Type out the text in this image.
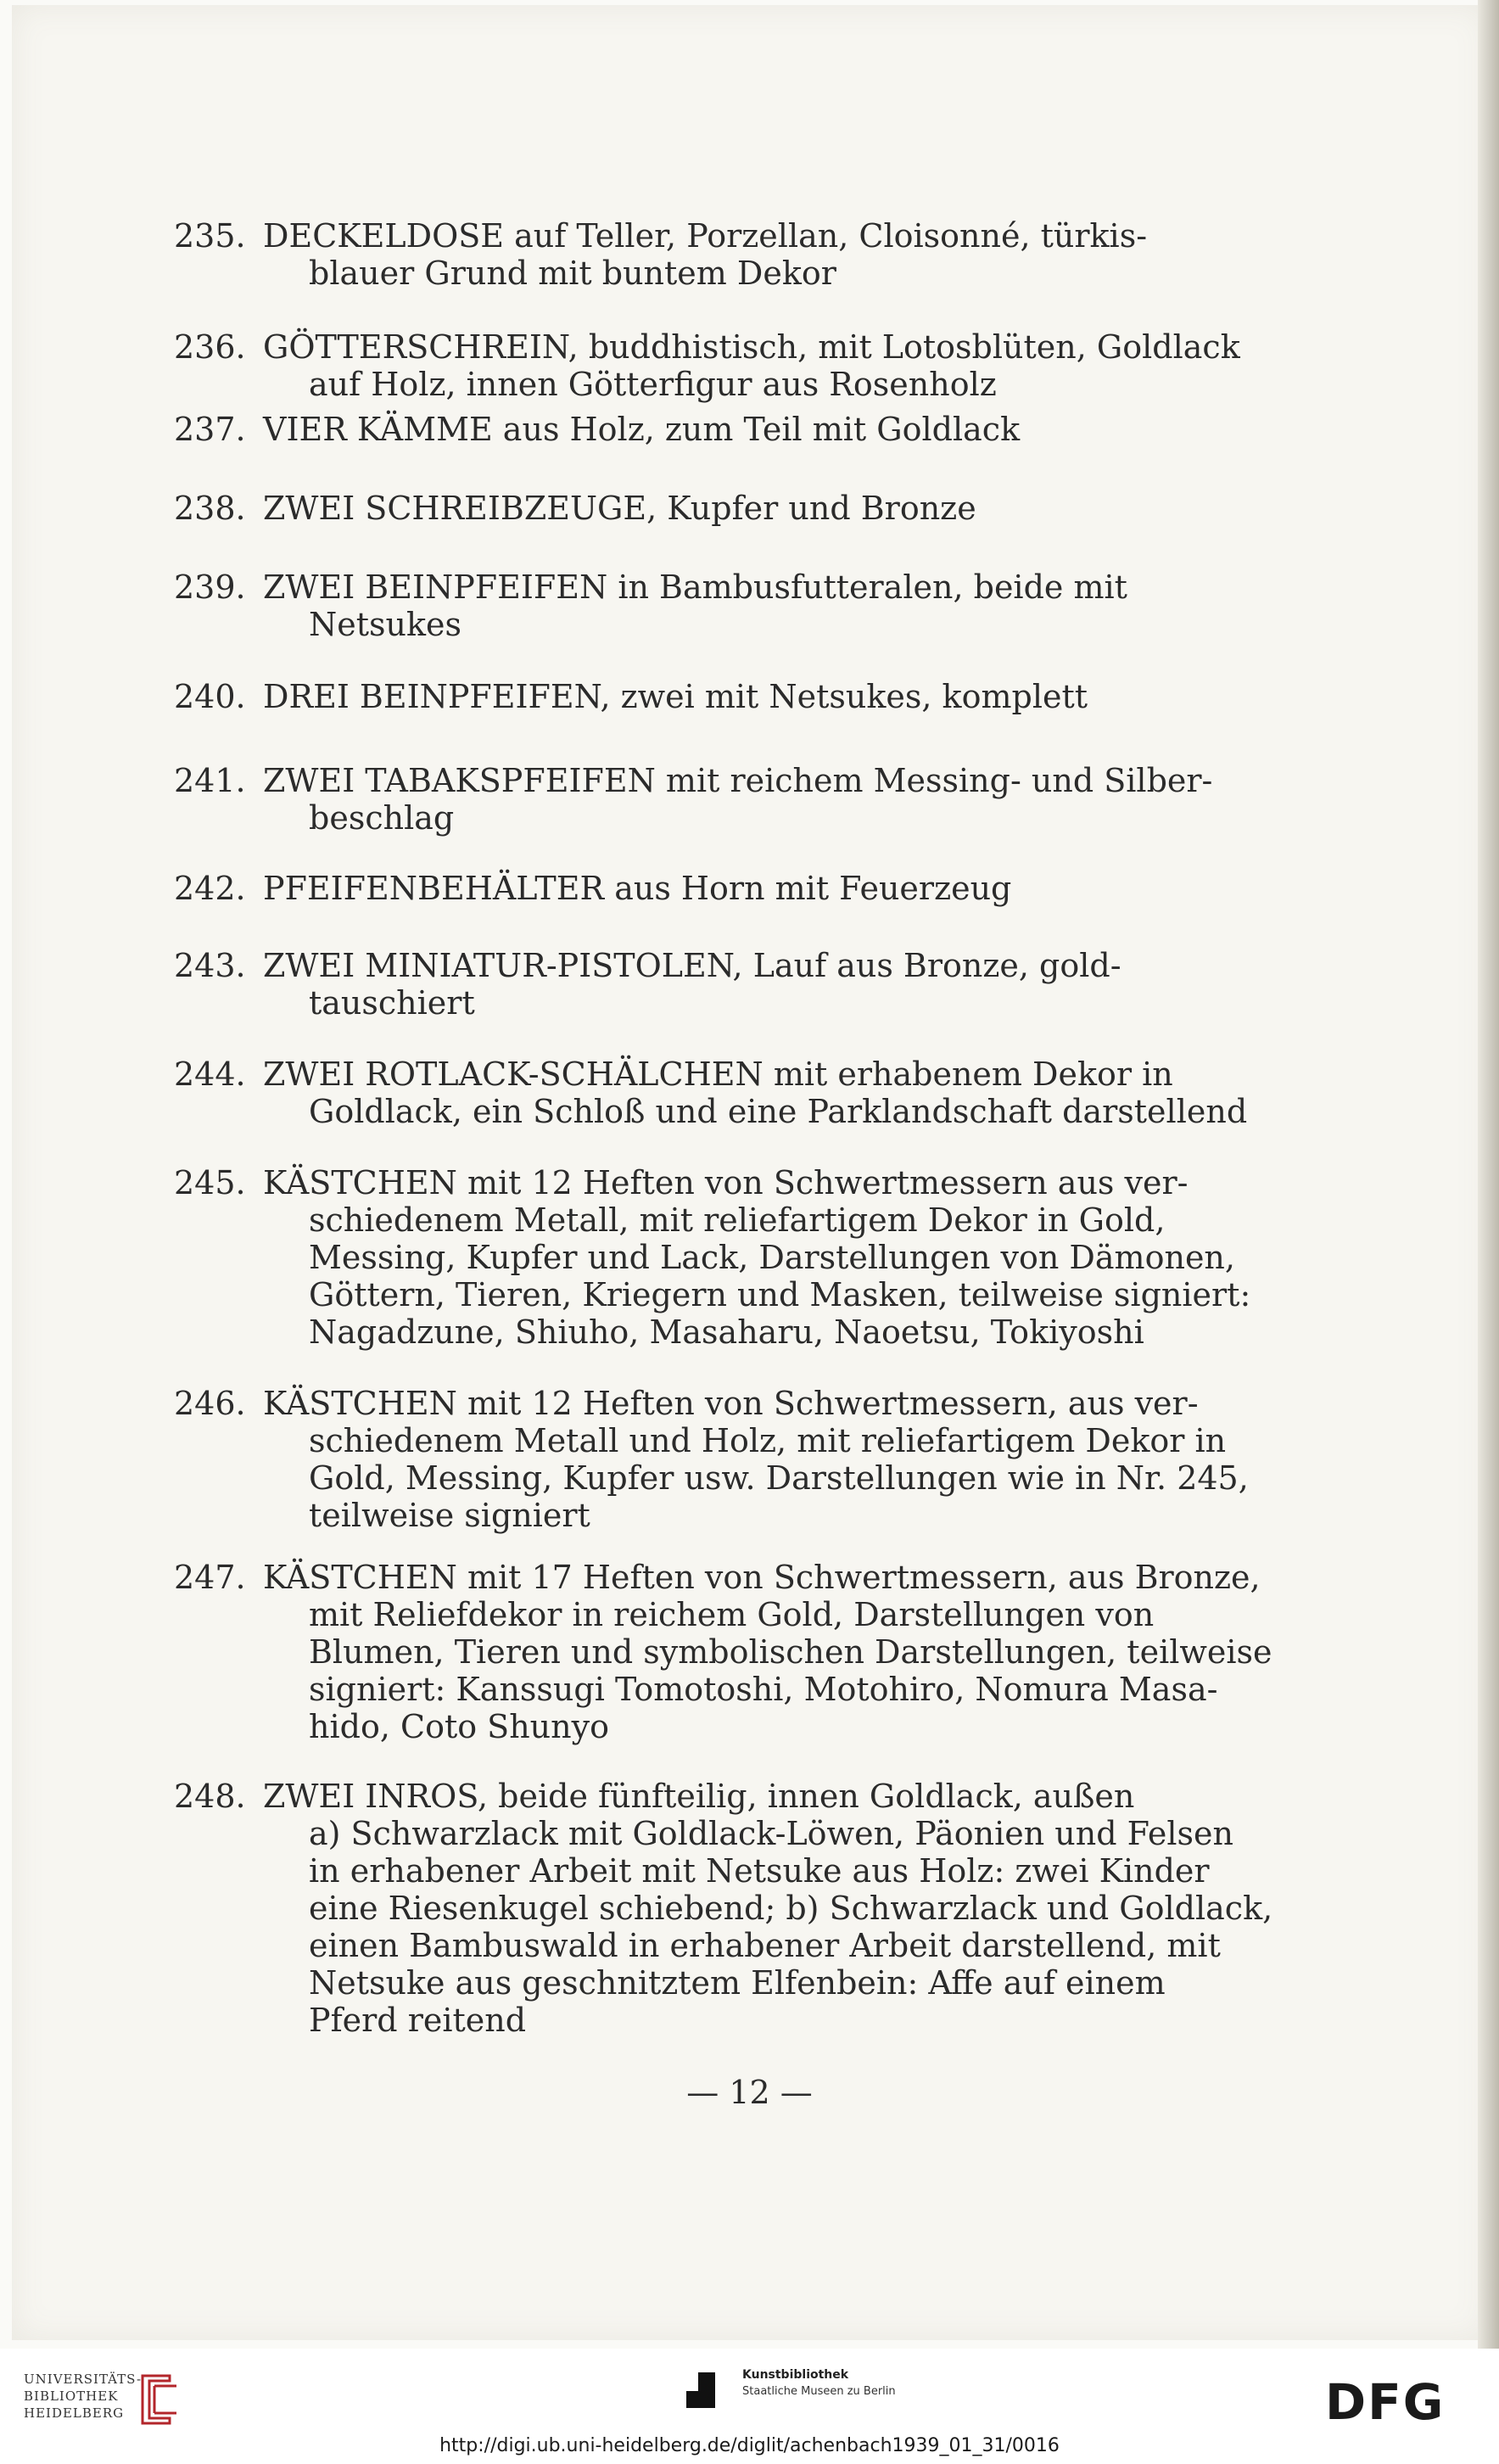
235. DECKELDOSE auf Teller, Porzellan, Cloisonné, türkis-
blauer Grund mit buntem Dekor
236. GÖTTERSCHREIN, buddhistisch, mit Lotosblüten, Goldlack
auf Holz, innen Götterfigur aus Rosenholz
237. VIER KÄMME aus Holz, zum Teil mit Goldlack
238. ZWEI SCHREIBZEUGE, Kupfer und Bronze
239. ZWEI BEINPFEIFEN in Bambusfutteralen, beide mit
Netsukes
240. DREI BEINPFEIFEN, zwei mit Netsukes, komplett
241. ZWEI TABAKSPFEIFEN mit reichem Messing- und Silber-
beschlag
242. PFEIFENBEHÄLTER aus Horn mit Feuerzeug
243. ZWEI MINIATUR-PISTOLEN, Lauf aus Bronze, gold-
tauschiert
244. ZWEI ROTLACK-SCHÄLCHEN mit erhabenem Dekor in
Goldlack, ein Schloß und eine Parklandschaft darstellend
245. KÄSTCHEN mit 12 Heften von Schwertmessern aus ver-
schiedenem Metall, mit reliefartigem Dekor in Gold,
Messing, Kupfer und Lack, Darstellungen von Dämonen,
Göttern, Tieren, Kriegern und Masken, teilweise signiert:
Nagadzune, Shiuho, Masaharu, Naoetsu, Tokiyoshi
246. KÄSTCHEN mit 12 Heften von Schwertmessern, aus ver-
schiedenem Metall und Holz, mit reliefartigem Dekor in
Gold, Messing, Kupfer usw. Darstellungen wie in Nr. 245,
teilweise signiert
247. KÄSTCHEN mit 17 Heften von Schwertmessern, aus Bronze,
mit Reliefdekor in reichem Gold, Darstellungen von
Blumen, Tieren und symbolischen Darstellungen, teilweise
signiert: Kanssugi Tomotoshi, Motohiro, Nomura Masa-
hido, Coto Shunyo
248. ZWEI INROS, beide fünfteilig, innen Goldlack, außen
a) Schwarzlack mit Goldlack-Löwen, Päonien und Felsen
in erhabener Arbeit mit Netsuke aus Holz: zwei Kinder
eine Riesenkugel schiebend; b) Schwarzlack und Goldlack,
einen Bambuswald in erhabener Arbeit darstellend, mit
Netsuke aus geschnitztem Elfenbein: Affe auf einem
Pferd reitend
— 12 —
UNIVERSITÄTS-
BIBLIOTHEK
HEIDELBERG
Kunstbibliothek
Staatliche Museen zu Berlin	DFG
http://digi.ub.uni-heidelberg.de/diglit/achenbach1939_01_31/0016
